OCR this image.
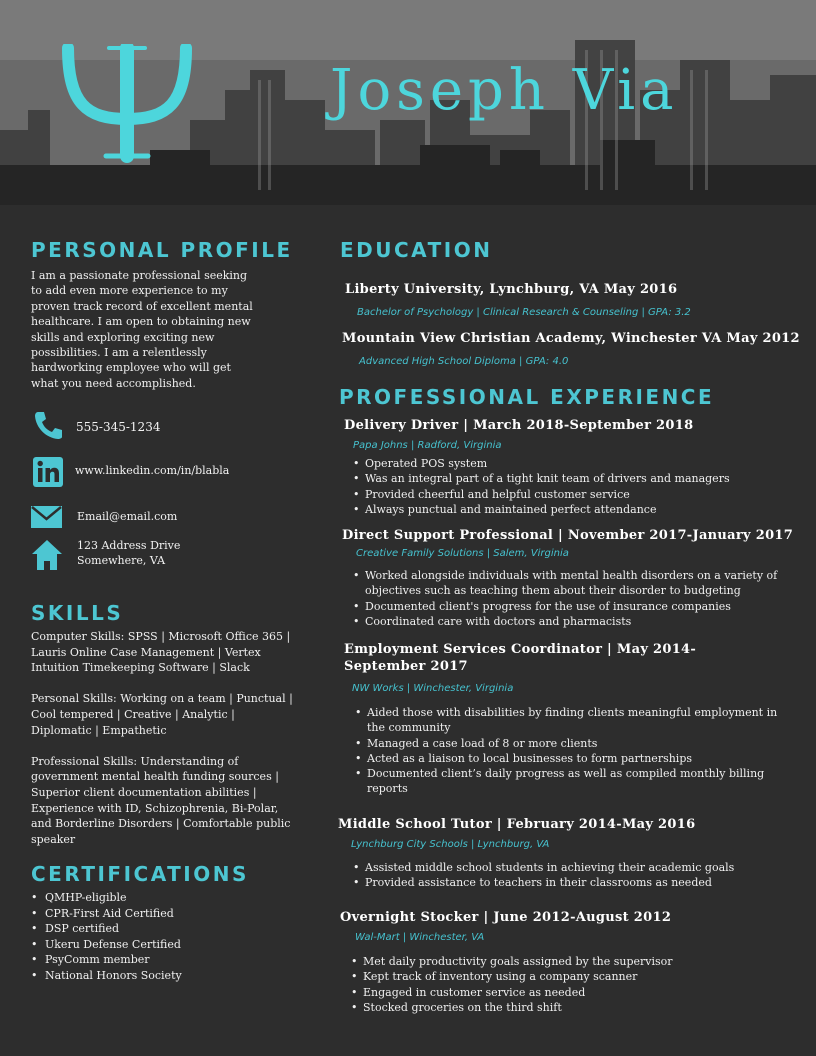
Joseph Via
PERSONAL PROFILE
I am a passionate professional seeking to add even more experience to my proven track record of excellent mental healthcare. I am open to obtaining new skills and exploring exciting new possibilities. I am a relentlessly hardworking employee who will get what you need accomplished.
555-345-1234
www.linkedin.com/in/blabla
Email@email.com
123 Address Drive
Somewhere, VA
SKILLS

Computer Skills: SPSS | Microsoft Office 365 | Lauris Online Case Management | Vertex Intuition Timekeeping Software | Slack

Personal Skills: Working on a team | Punctual | Cool tempered | Creative | Analytic | Diplomatic | Empathetic

Professional Skills: Understanding of government mental health funding sources | Superior client documentation abilities | Experience with ID, Schizophrenia, Bi-Polar, and Borderline Disorders | Comfortable public speaker

CERTIFICATIONS
• QMHP-eligible
• CPR-First Aid Certified
• DSP certified
• Ukeru Defense Certified
• PsyComm member
• National Honors Society
EDUCATION
Liberty University, Lynchburg, VA May 2016
Bachelor of Psychology | Clinical Research & Counseling | GPA: 3.2
Mountain View Christian Academy, Winchester VA May 2012
Advanced High School Diploma | GPA: 4.0
PROFESSIONAL EXPERIENCE
Delivery Driver | March 2018-September 2018
Papa Johns | Radford, Virginia
• Operated POS system
• Was an integral part of a tight knit team of drivers and managers
• Provided cheerful and helpful customer service
• Always punctual and maintained perfect attendance
Direct Support Professional | November 2017-January 2017
Creative Family Solutions | Salem, Virginia
• Worked alongside individuals with mental health disorders on a variety of objectives such as teaching them about their disorder to budgeting
• Documented client's progress for the use of insurance companies
• Coordinated care with doctors and pharmacists
Employment Services Coordinator | May 2014-
September 2017
NW Works | Winchester, Virginia
• Aided those with disabilities by finding clients meaningful employment in the community
• Managed a case load of 8 or more clients
• Acted as a liaison to local businesses to form partnerships
• Documented client’s daily progress as well as compiled monthly billing reports
Middle School Tutor | February 2014-May 2016
Lynchburg City Schools | Lynchburg, VA
• Assisted middle school students in achieving their academic goals
• Provided assistance to teachers in their classrooms as needed
Overnight Stocker | June 2012-August 2012
Wal-Mart | Winchester, VA
• Met daily productivity goals assigned by the supervisor
• Kept track of inventory using a company scanner
• Engaged in customer service as needed
• Stocked groceries on the third shift
